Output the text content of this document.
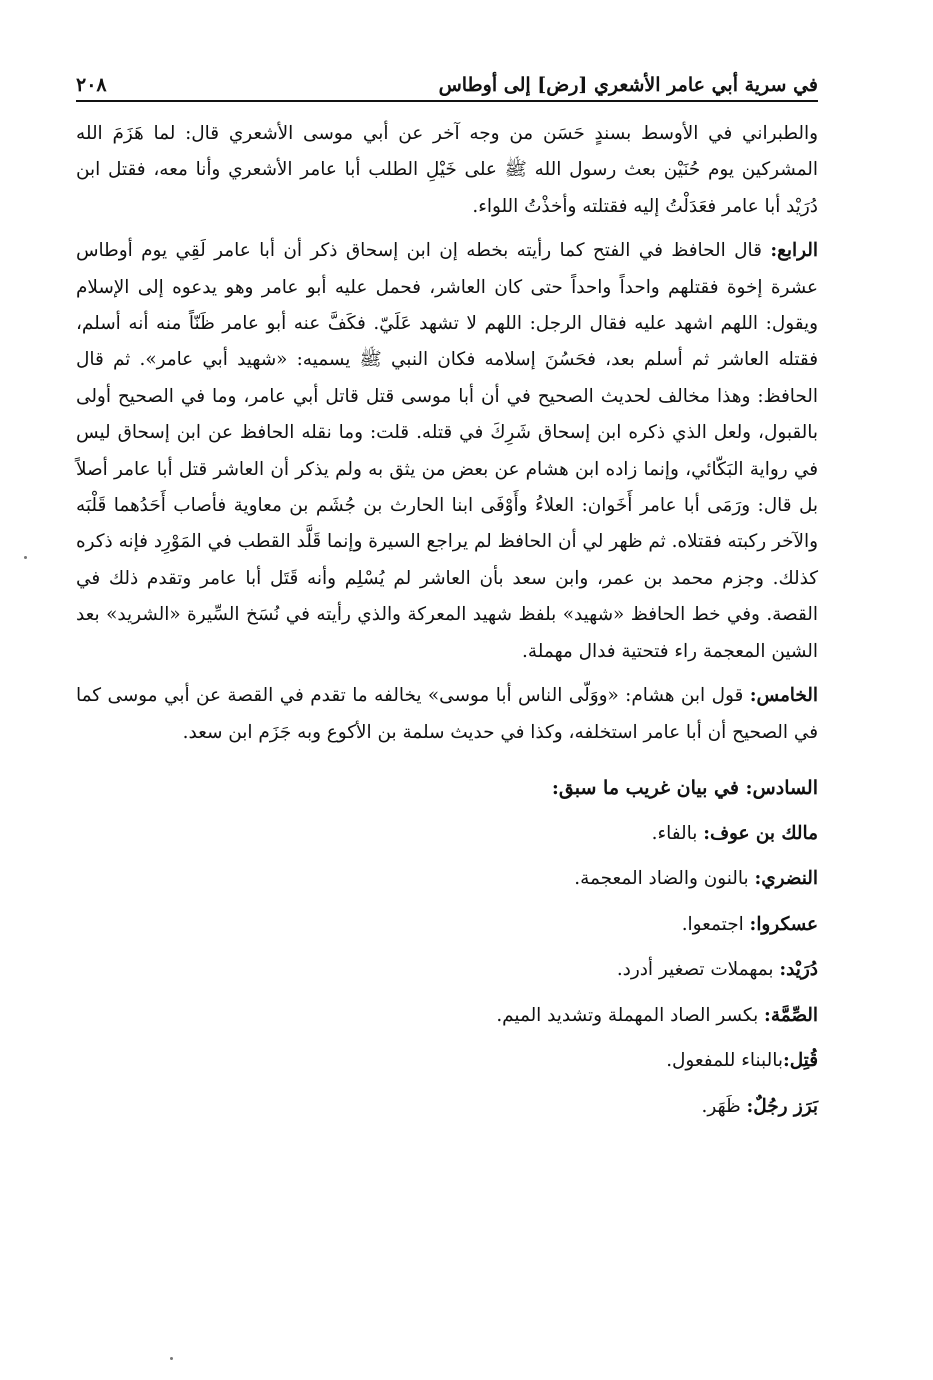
في سرية أبي عامر الأشعري [رض] إلى أوطاس
٢٠٨

والطبراني في الأوسط بسندٍ حَسَن من وجه آخر عن أبي موسى الأشعري قال: لما هَزَمَ الله المشركين يوم حُنَيْن بعث رسول الله ﷺ على خَيْلِ الطلب أبا عامر الأشعري وأنا معه، فقتل ابن دُرَيْد أبا عامر فعَدَلْتُ إليه فقتلته وأخذْتُ اللواء.

الرابع: قال الحافظ في الفتح كما رأيته بخطه إن ابن إسحاق ذكر أن أبا عامر لَقِي يوم أوطاس عشرة إخوة فقتلهم واحداً واحداً حتى كان العاشر، فحمل عليه أبو عامر وهو يدعوه إلى الإسلام ويقول: اللهم اشهد عليه فقال الرجل: اللهم لا تشهد عَلَيّ. فكَفَّ عنه أبو عامر ظَنّاً منه أنه أسلم، فقتله العاشر ثم أسلم بعد، فحَسُنَ إسلامه فكان النبي ﷺ يسميه: «شهيد أبي عامر». ثم قال الحافظ: وهذا مخالف لحديث الصحيح في أن أبا موسى قتل قاتل أبي عامر، وما في الصحيح أولى بالقبول، ولعل الذي ذكره ابن إسحاق شَرِكَ في قتله. قلت: وما نقله الحافظ عن ابن إسحاق ليس في رواية البَكّائي، وإنما زاده ابن هشام عن بعض من يثق به ولم يذكر أن العاشر قتل أبا عامر أصلاً بل قال: ورَمَى أبا عامر أَخَوان: العلاءُ وأَوْفَى ابنا الحارث بن جُشَم بن معاوية فأصاب أَحَدُهما قَلْبَه والآخر ركبته فقتلاه. ثم ظهر لي أن الحافظ لم يراجع السيرة وإنما قَلَّد القطب في المَوْرِد فإنه ذكره كذلك. وجزم محمد بن عمر، وابن سعد بأن العاشر لم يُسْلِم وأنه قَتَل أبا عامر وتقدم ذلك في القصة. وفي خط الحافظ «شهيد» بلفظ شهيد المعركة والذي رأيته في نُسَخ السِّيرة «الشريد» بعد الشين المعجمة راء فتحتية فدال مهملة.

الخامس: قول ابن هشام: «ووَلّى الناس أبا موسى» يخالفه ما تقدم في القصة عن أبي موسى كما في الصحيح أن أبا عامر استخلفه، وكذا في حديث سلمة بن الأكوع وبه جَزَم ابن سعد.

السادس: في بيان غريب ما سبق:

مالك بن عوف: بالفاء.

النضري: بالنون والضاد المعجمة.

عسكروا: اجتمعوا.

دُرَيْد: بمهملات تصغير أدرد.

الصِّمَّة: بكسر الصاد المهملة وتشديد الميم.

قُتِل:بالبناء للمفعول.

بَرَز رجُلٌ: ظَهَر.
